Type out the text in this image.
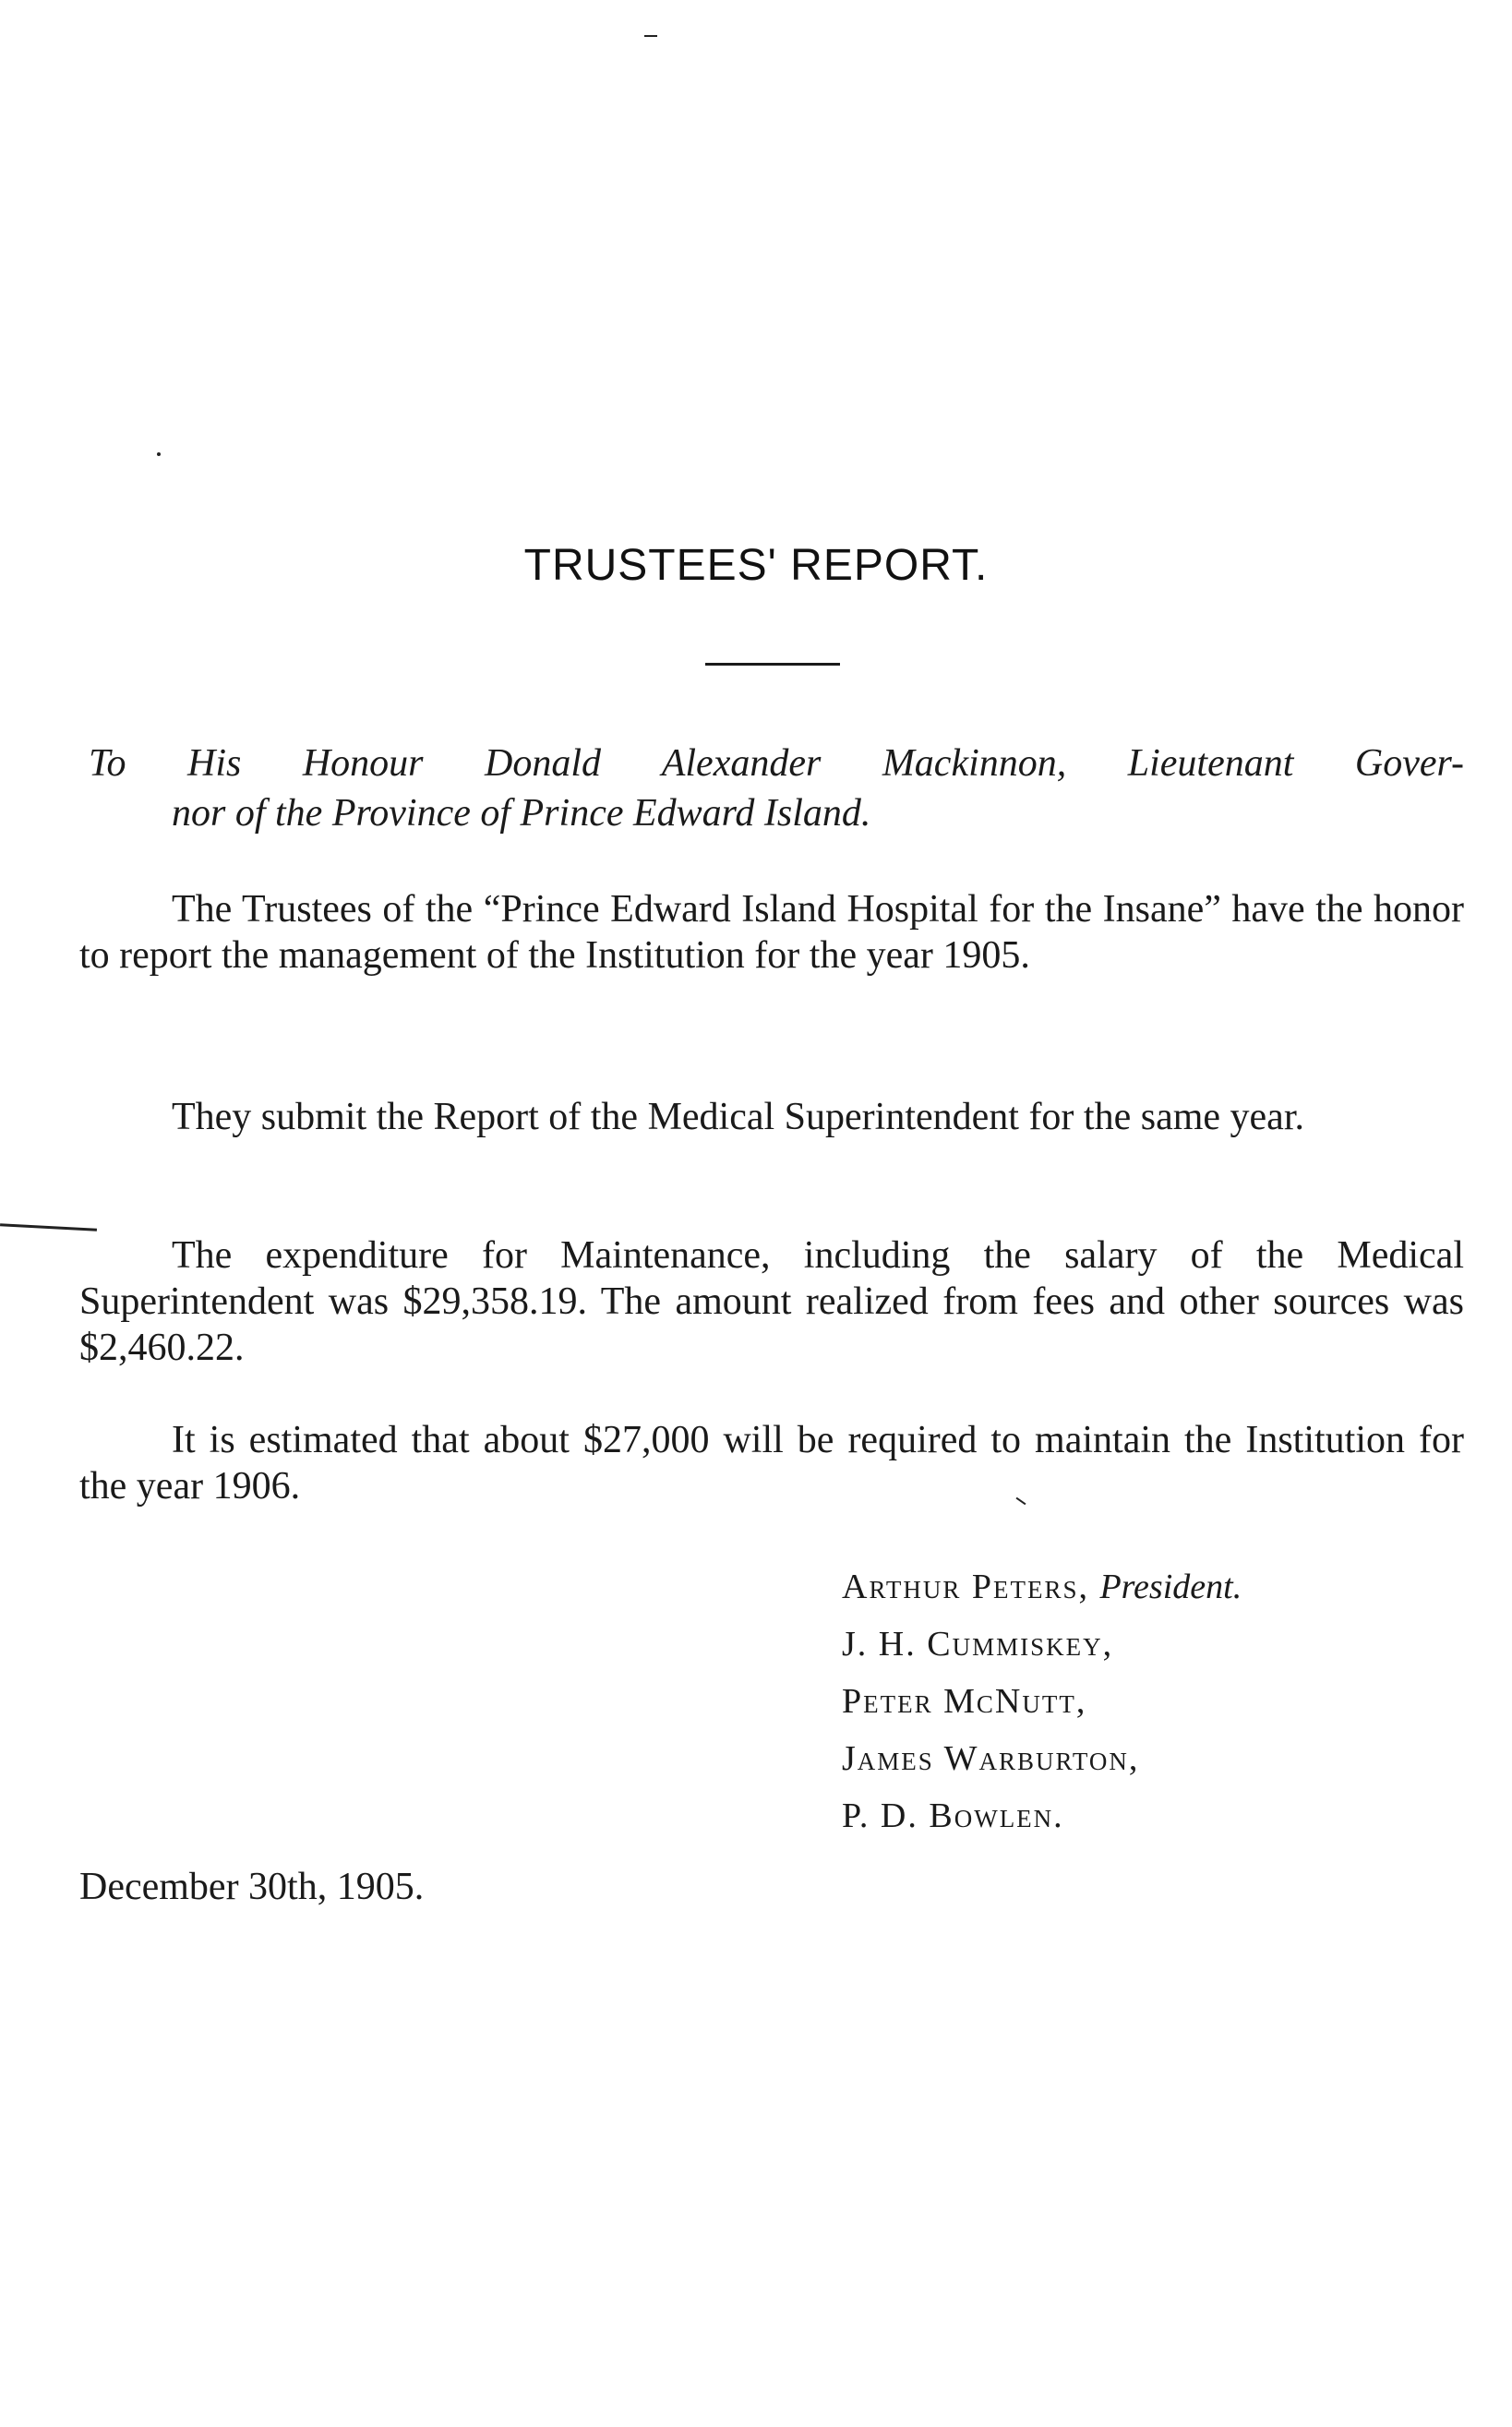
TRUSTEES' REPORT.
To His Honour Donald Alexander Mackinnon, Lieutenant Gover-
nor of the Province of Prince Edward Island.

The Trustees of the “Prince Edward Island Hospital for the Insane” have the honor to report the management of the Institution for the year 1905.

They submit the Report of the Medical Superintendent for the same year.

The expenditure for Maintenance, including the salary of the Medical Superintendent was $29,358.19. The amount realized from fees and other sources was $2,460.22.

It is estimated that about $27,000 will be required to maintain the Institution for the year 1906.

Arthur Peters, President.
J. H. Cummiskey,
Peter McNutt,
James Warburton,
P. D. Bowlen.
December 30th, 1905.
